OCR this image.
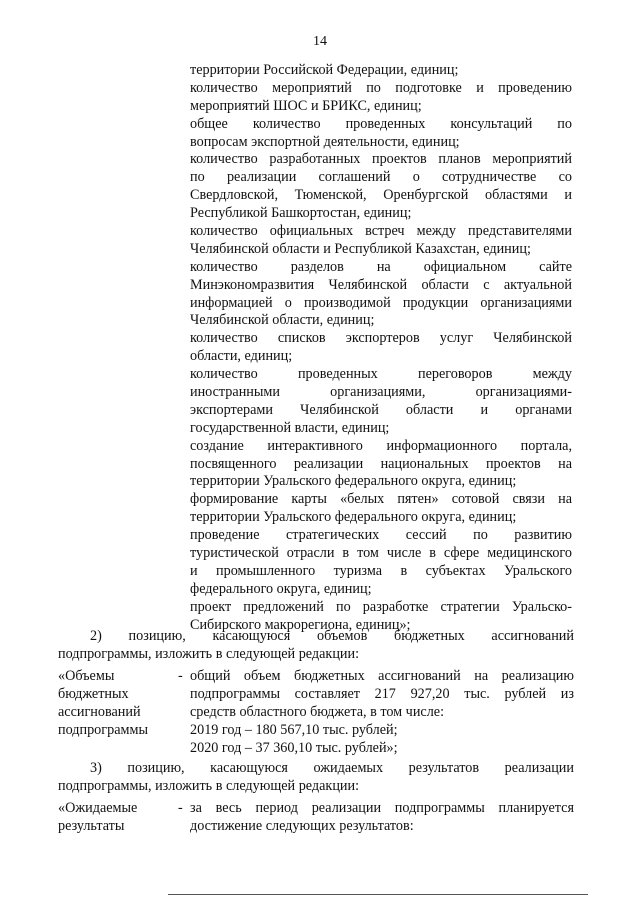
14
территории Российской Федерации, единиц;
количество мероприятий по подготовке и проведению
мероприятий ШОС и БРИКС, единиц;
общее количество проведенных консультаций по
вопросам экспортной деятельности, единиц;
количество разработанных проектов планов мероприятий
по реализации соглашений о сотрудничестве со
Свердловской, Тюменской, Оренбургской областями и
Республикой Башкортостан, единиц;
количество официальных встреч между представителями
Челябинской области и Республикой Казахстан, единиц;
количество разделов на официальном сайте
Минэкономразвития Челябинской области с актуальной
информацией о производимой продукции организациями
Челябинской области, единиц;
количество списков экспортеров услуг Челябинской
области, единиц;
количество проведенных переговоров между
иностранными организациями, организациями-
экспортерами Челябинской области и органами
государственной власти, единиц;
создание интерактивного информационного портала,
посвященного реализации национальных проектов на
территории Уральского федерального округа, единиц;
формирование карты «белых пятен» сотовой связи на
территории Уральского федерального округа, единиц;
проведение стратегических сессий по развитию
туристической отрасли в том числе в сфере медицинского
и промышленного туризма в субъектах Уральского
федерального округа, единиц;
проект предложений по разработке стратегии Уральско-
Сибирского макрорегиона, единиц»;
2) позицию, касающуюся объемов бюджетных ассигнований
подпрограммы, изложить в следующей редакции:
«Объемы
бюджетных
ассигнований
подпрограммы
- общий объем бюджетных ассигнований на реализацию
подпрограммы составляет 217 927,20 тыс. рублей из
средств областного бюджета, в том числе:
2019 год – 180 567,10 тыс. рублей;
2020 год – 37 360,10 тыс. рублей»;
3) позицию, касающуюся ожидаемых результатов реализации
подпрограммы, изложить в следующей редакции:
«Ожидаемые
результаты
- за весь период реализации подпрограммы планируется
достижение следующих результатов:
